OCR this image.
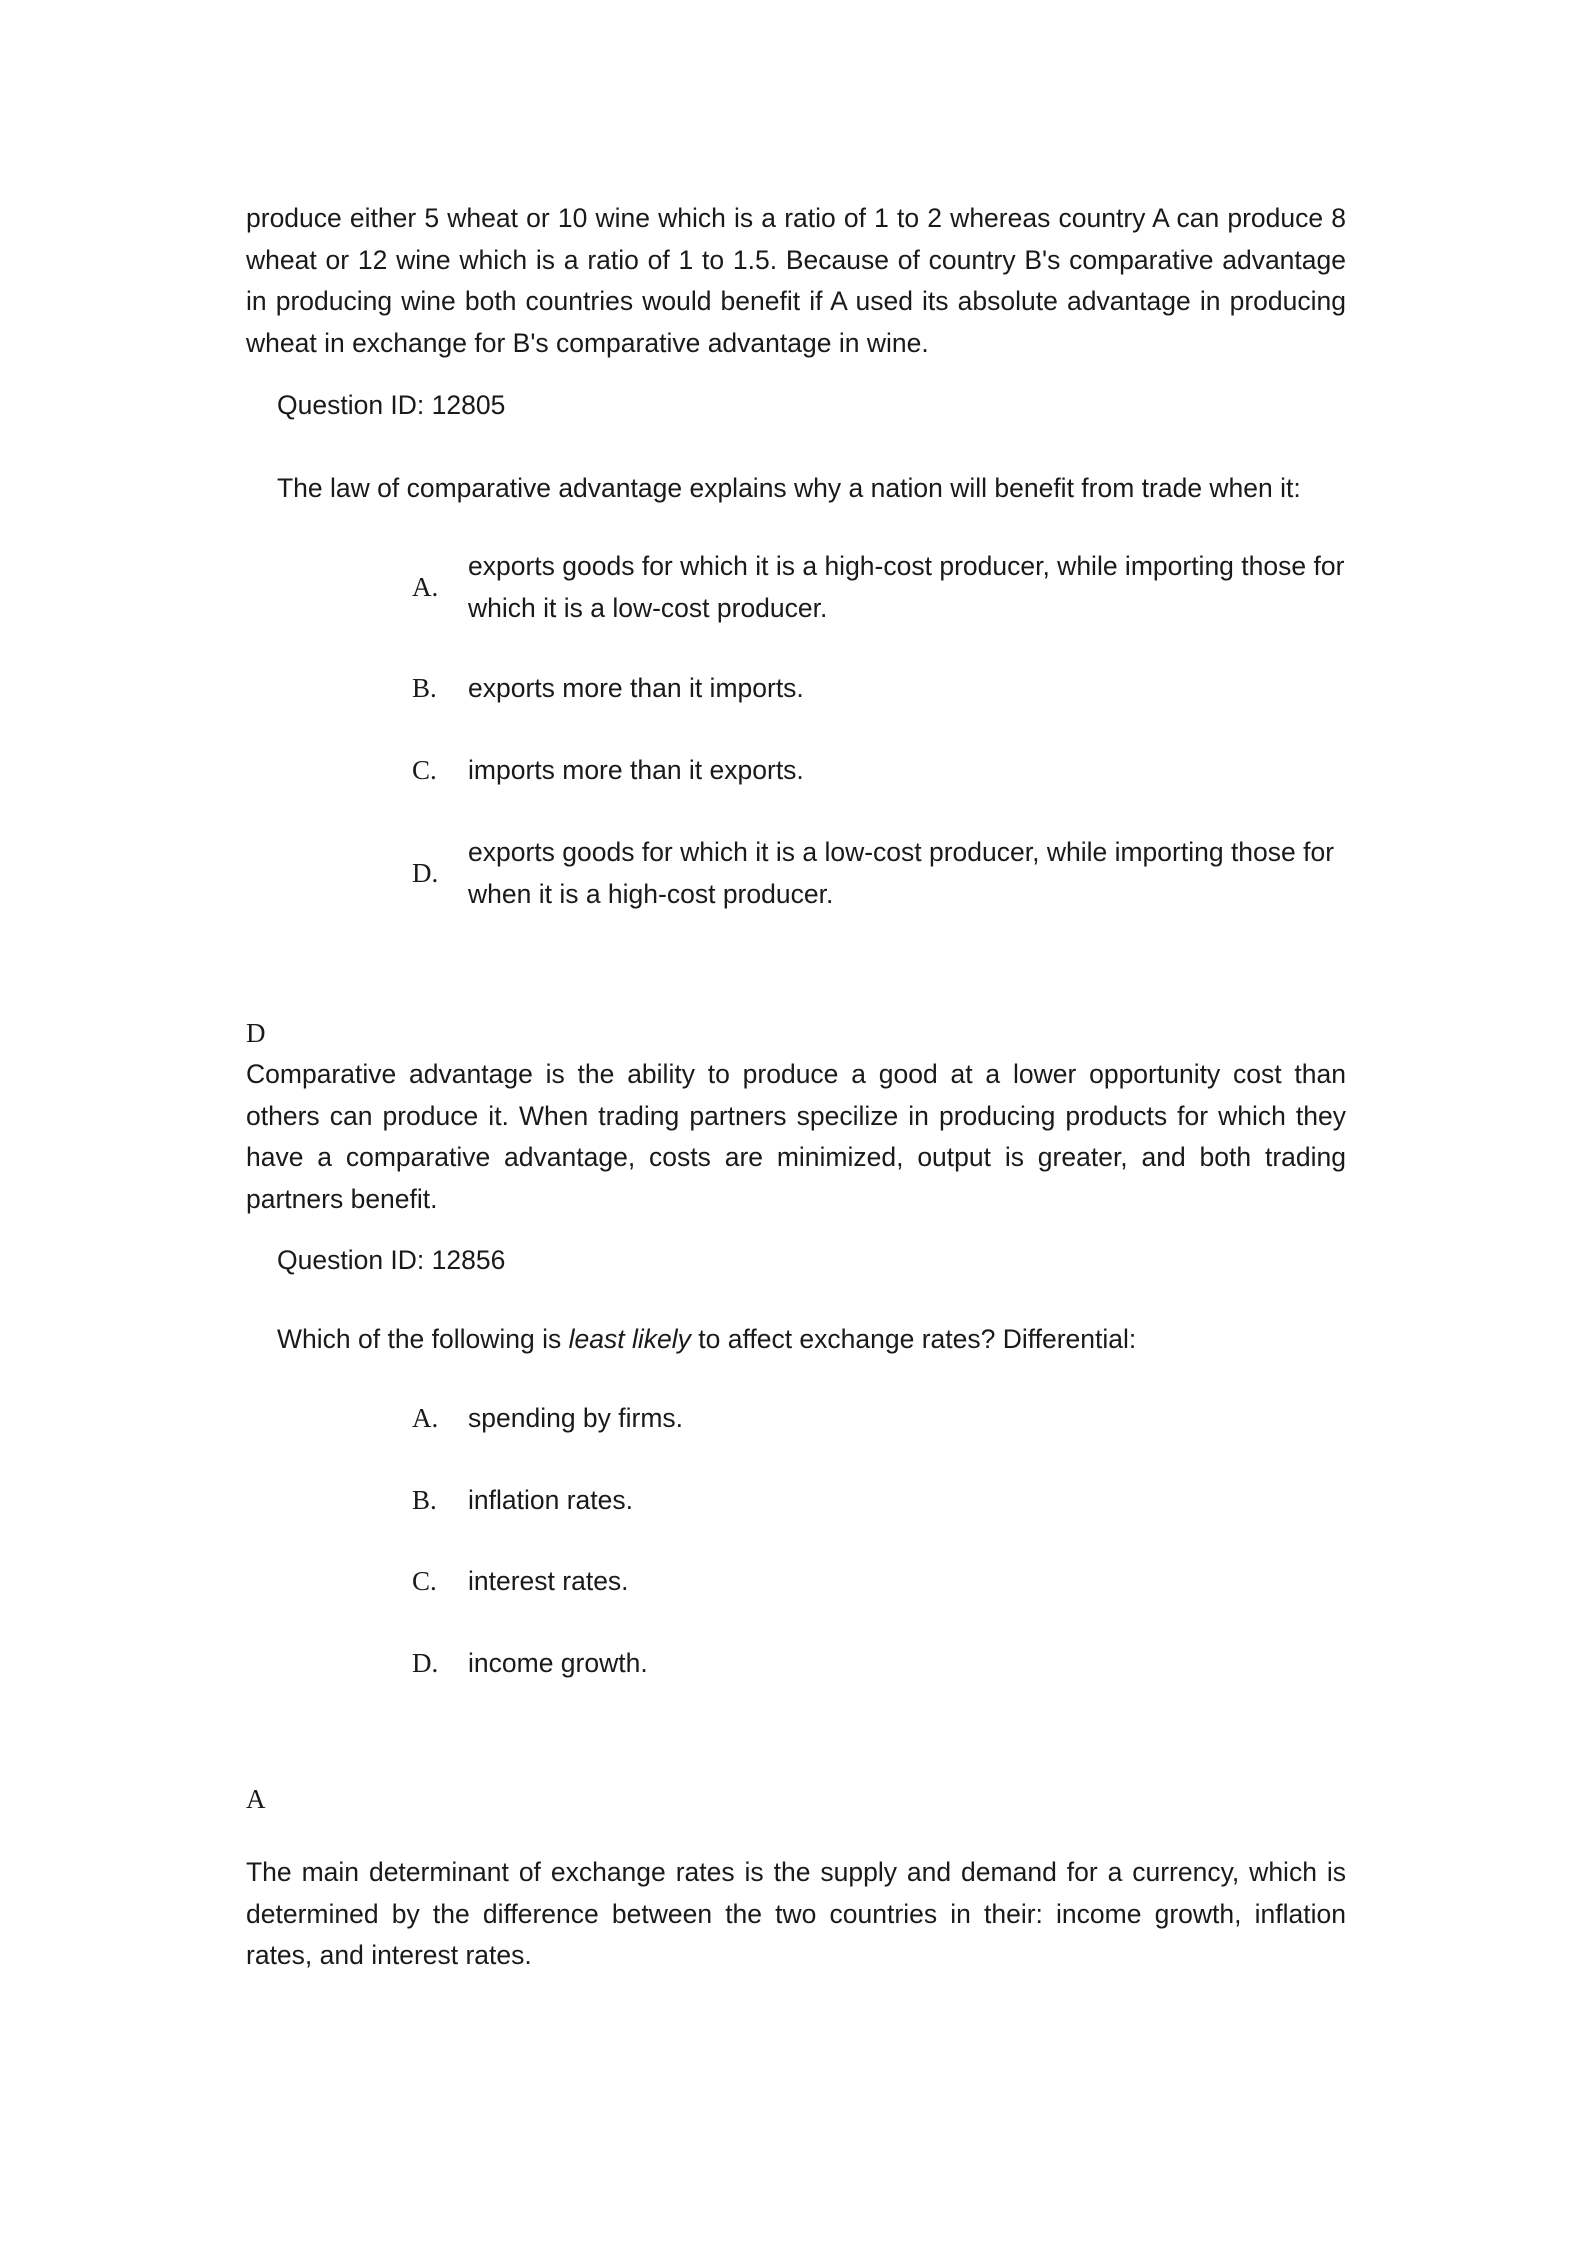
produce either 5 wheat or 10 wine which is a ratio of 1 to 2 whereas country A can produce 8 wheat or 12 wine which is a ratio of 1 to 1.5. Because of country B's comparative advantage in producing wine both countries would benefit if A used its absolute advantage in producing wheat in exchange for B's comparative advantage in wine.

Question ID: 12805

The law of comparative advantage explains why a nation will benefit from trade when it:

A.
exports goods for which it is a high-cost producer, while importing those for which it is a low-cost producer.
B.	exports more than it imports.
C.	imports more than it exports.
D.
exports goods for which it is a low-cost producer, while importing those for when it is a high-cost producer.

D

Comparative advantage is the ability to produce a good at a lower opportunity cost than others can produce it. When trading partners specilize in producing products for which they have a comparative advantage, costs are minimized, output is greater, and both trading partners benefit.

Question ID: 12856

Which of the following is least likely to affect exchange rates? Differential:

A.	spending by firms.
B.	inflation rates.
C.	interest rates.
D.	income growth.

A

The main determinant of exchange rates is the supply and demand for a currency, which is determined by the difference between the two countries in their: income growth, inflation rates, and interest rates.
